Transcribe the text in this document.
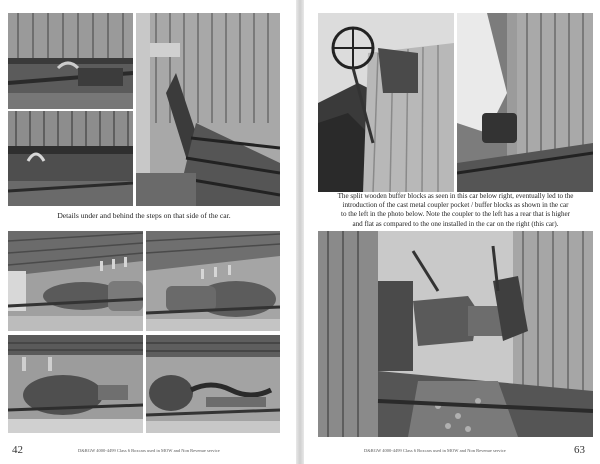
Details under and behind the steps on that side of the car.
42	D&RGW 4000-4499 Class 6 Boxcars used in MOW and Non Revenue service
The split wooden buffer blocks as seen in this car below right, eventually led to the
introduction of the cast metal coupler pocket / buffer blocks as shown in the car
to the left in the photo below. Note the coupler to the left has a rear that is higher
and flat as compared to the one installed in the car on the right (this car).
D&RGW 4000-4499 Class 6 Boxcars used in MOW and Non Revenue service	63
